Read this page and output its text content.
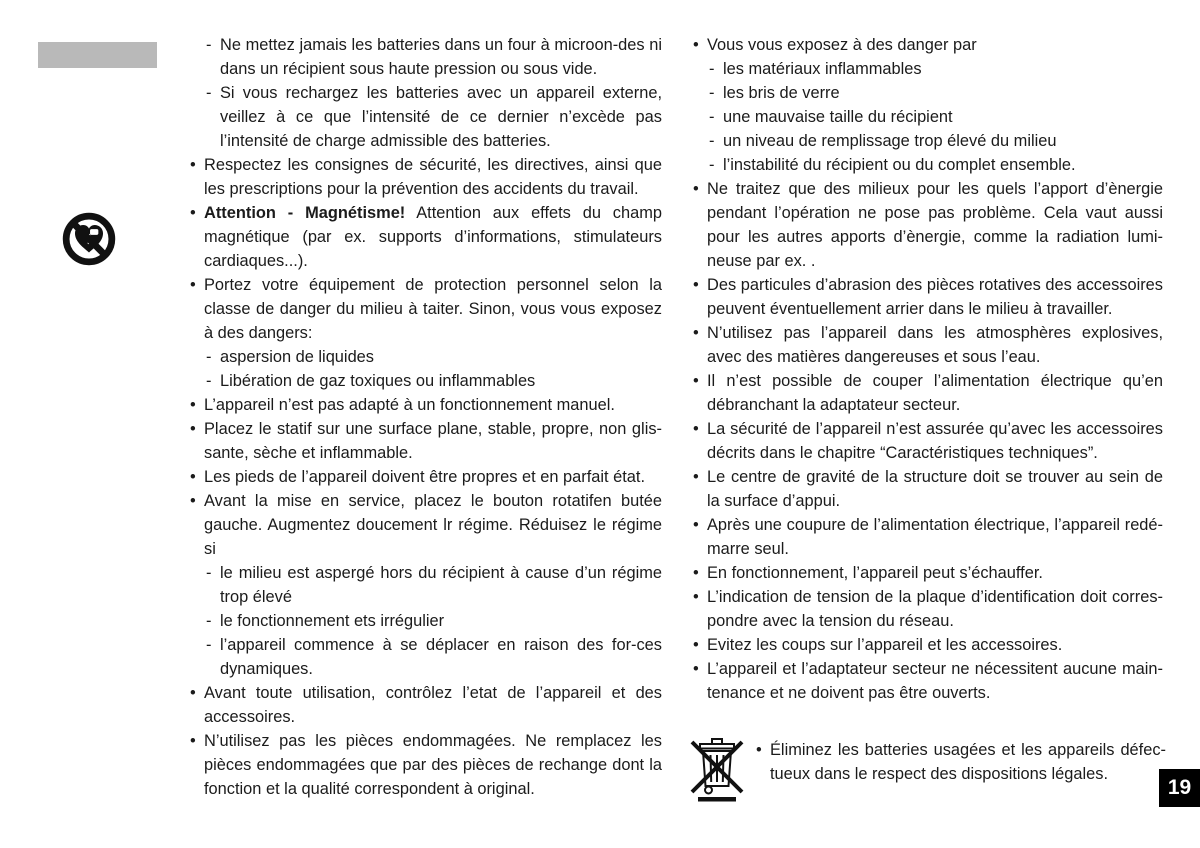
- Ne mettez jamais les batteries dans un four à microon-des ni dans un récipient sous haute pression ou sous vide.
- Si vous rechargez les batteries avec un appareil externe, veillez à ce que l’intensité de ce dernier n’excède pas l’intensité de charge admissible des batteries.
• Respectez les consignes de sécurité, les directives, ainsi que les prescriptions pour la prévention des accidents du travail.
• Attention - Magnétisme! Attention aux effets du champ magnétique (par ex. supports d’informations, stimulateurs cardiaques...).
• Portez votre équipement de protection personnel selon la classe de danger du milieu à taiter. Sinon, vous vous exposez à des dangers:
- aspersion de liquides
- Libération de gaz toxiques ou inflammables
• L’appareil n’est pas adapté à un fonctionnement manuel.
• Placez le statif sur une surface plane, stable, propre, non glis-sante, sèche et inflammable.
• Les pieds de l’appareil doivent être propres et en parfait état.
• Avant la mise en service, placez le bouton rotatifen butée gauche. Augmentez doucement lr régime. Réduisez le régime si
- le milieu est aspergé hors du récipient à cause d’un régime trop élevé
- le fonctionnement ets irrégulier
- l’appareil commence à se déplacer en raison des for-ces dynamiques.
• Avant toute utilisation, contrôlez l’etat de l’appareil et des accessoires.
• N’utilisez pas les pièces endommagées. Ne remplacez les pièces endommagées que par des pièces de rechange dont la fonction et la qualité correspondent à original.
• Vous vous exposez à des danger par
- les matériaux inflammables
- les bris de verre
- une mauvaise taille du récipient
- un niveau de remplissage trop élevé du milieu
- l’instabilité du récipient ou du complet ensemble.
• Ne traitez que des milieux pour les quels l’apport d’ènergie pendant l’opération ne pose pas problème. Cela vaut aussi pour les autres apports d’ènergie, comme la radiation lumi-neuse par ex. .
• Des particules d’abrasion des pièces rotatives des accessoires peuvent éventuellement arrier dans le milieu à travailler.
• N’utilisez pas l’appareil dans les atmosphères explosives, avec des matières dangereuses et sous l’eau.
• Il n’est possible de couper l’alimentation électrique qu’en débranchant la adaptateur secteur.
• La sécurité de l’appareil n’est assurée qu’avec les accessoires décrits dans le chapitre “Caractéristiques techniques”.
• Le centre de gravité de la structure doit se trouver au sein de la surface d’appui.
• Après une coupure de l’alimentation électrique, l’appareil redé-marre seul.
• En fonctionnement, l’appareil peut s’échauffer.
• L’indication de tension de la plaque d’identification doit corres-pondre avec la tension du réseau.
• Evitez les coups sur l’appareil et les accessoires.
• L’appareil et l’adaptateur secteur ne nécessitent aucune main-tenance et ne doivent pas être ouverts.
• Éliminez les batteries usagées et les appareils défec-tueux dans le respect des dispositions légales.
19
